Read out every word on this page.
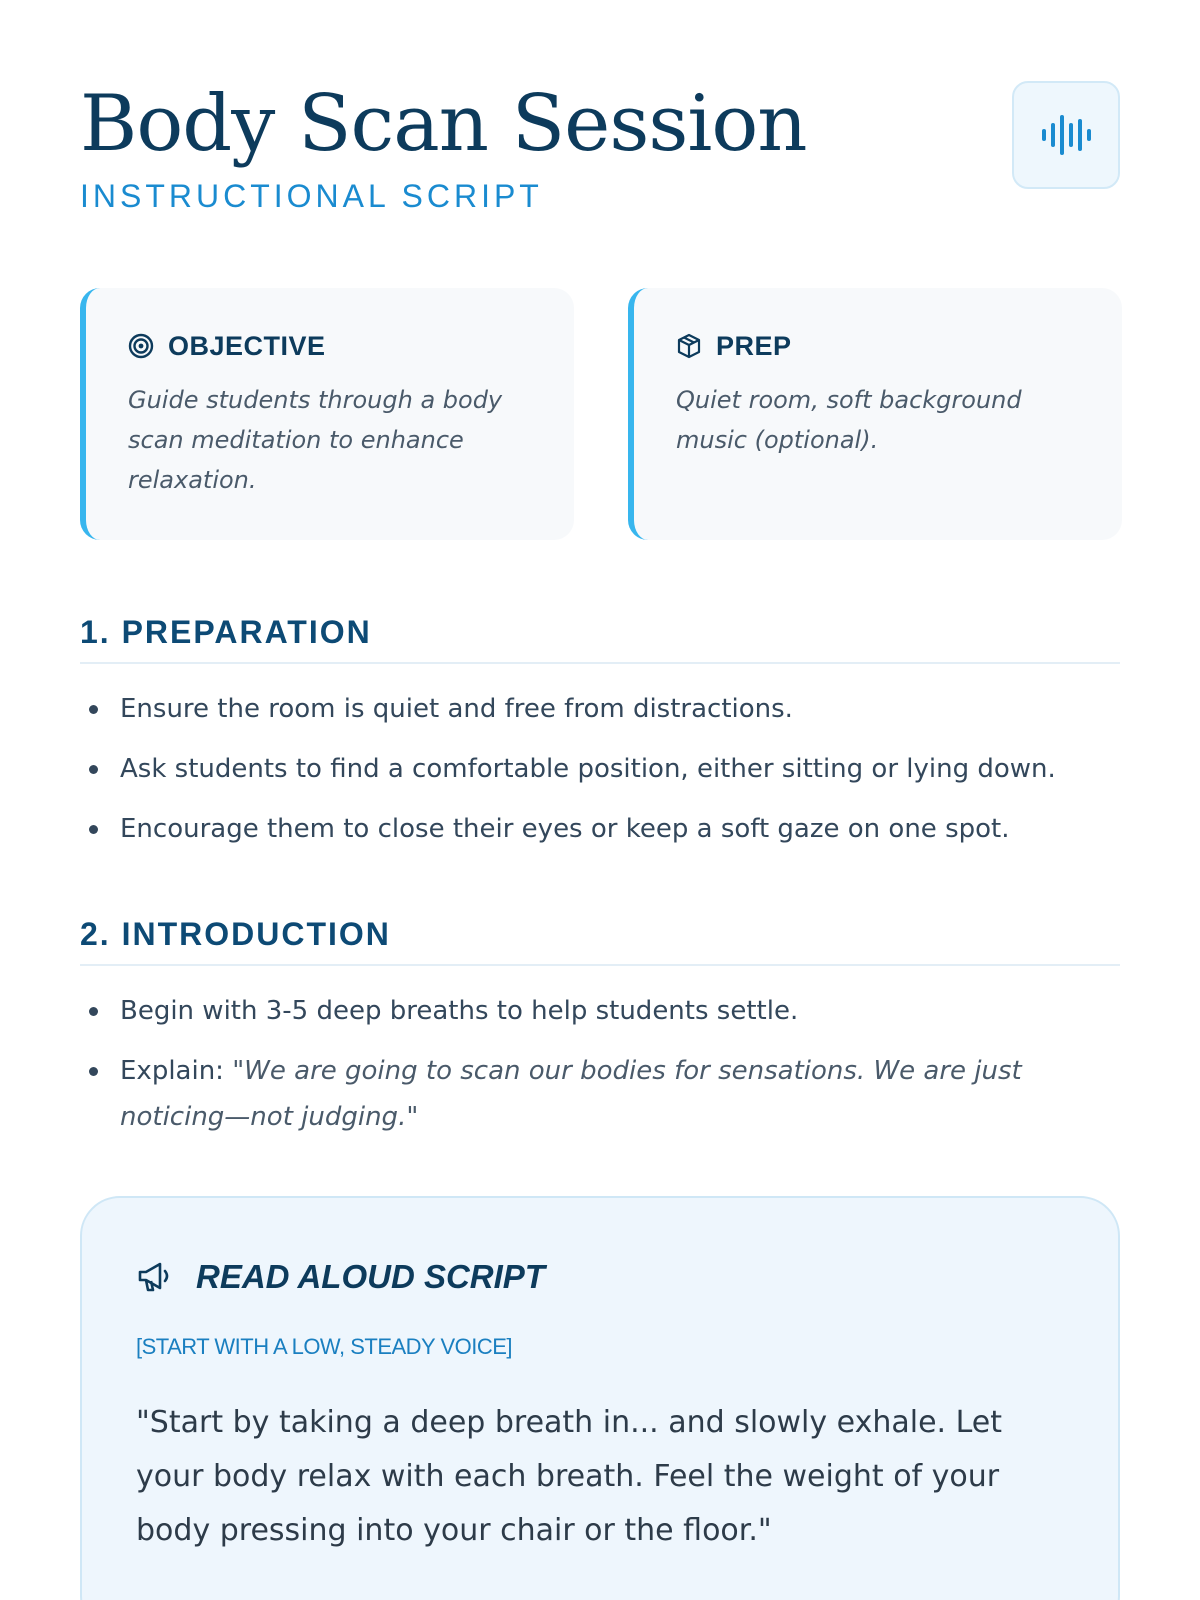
Body Scan Session
INSTRUCTIONAL SCRIPT
OBJECTIVE

Guide students through a body scan meditation to enhance relaxation.

PREP

Quiet room, soft background music (optional).

1. PREPARATION
Ensure the room is quiet and free from distractions.
Ask students to find a comfortable position, either sitting or lying down.
Encourage them to close their eyes or keep a soft gaze on one spot.
2. INTRODUCTION
Begin with 3-5 deep breaths to help students settle.
Explain: "We are going to scan our bodies for sensations. We are just noticing—not judging."
READ ALOUD SCRIPT
[START WITH A LOW, STEADY VOICE]

"Start by taking a deep breath in... and slowly exhale. Let your body relax with each breath. Feel the weight of your body pressing into your chair or the floor."
